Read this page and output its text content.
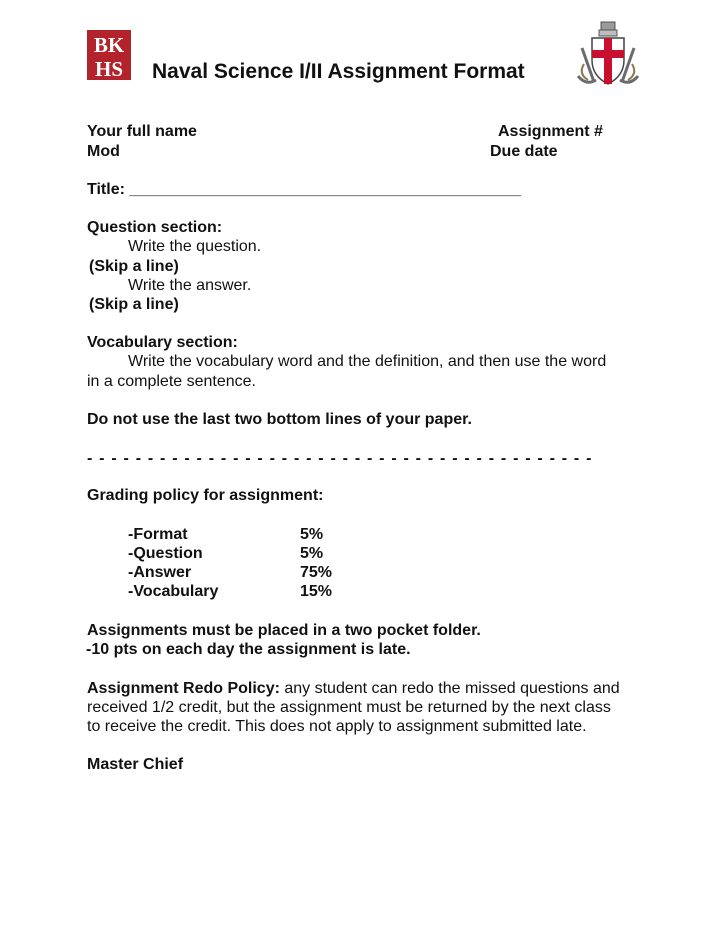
BK
HS Naval Science I/II Assignment Format
Your full name	Assignment #
Mod	Due date
Title: ____________________________________________
Question section:
Write the question.
(Skip a line)
Write the answer.
(Skip a line)
Vocabulary section:
Write the vocabulary word and the definition, and then use the word
in a complete sentence.
Do not use the last two bottom lines of your paper.
- - - - - - - - - - - - - - - - - - - - - - - - - - - - - - - - - - - - - - - - - -
Grading policy for assignment:
-Format	5%
-Question	5%
-Answer	75%
-Vocabulary	15%
Assignments must be placed in a two pocket folder.
-10 pts on each day the assignment is late.
Assignment Redo Policy: any student can redo the missed questions and
received 1/2 credit, but the assignment must be returned by the next class
to receive the credit. This does not apply to assignment submitted late.
Master Chief
